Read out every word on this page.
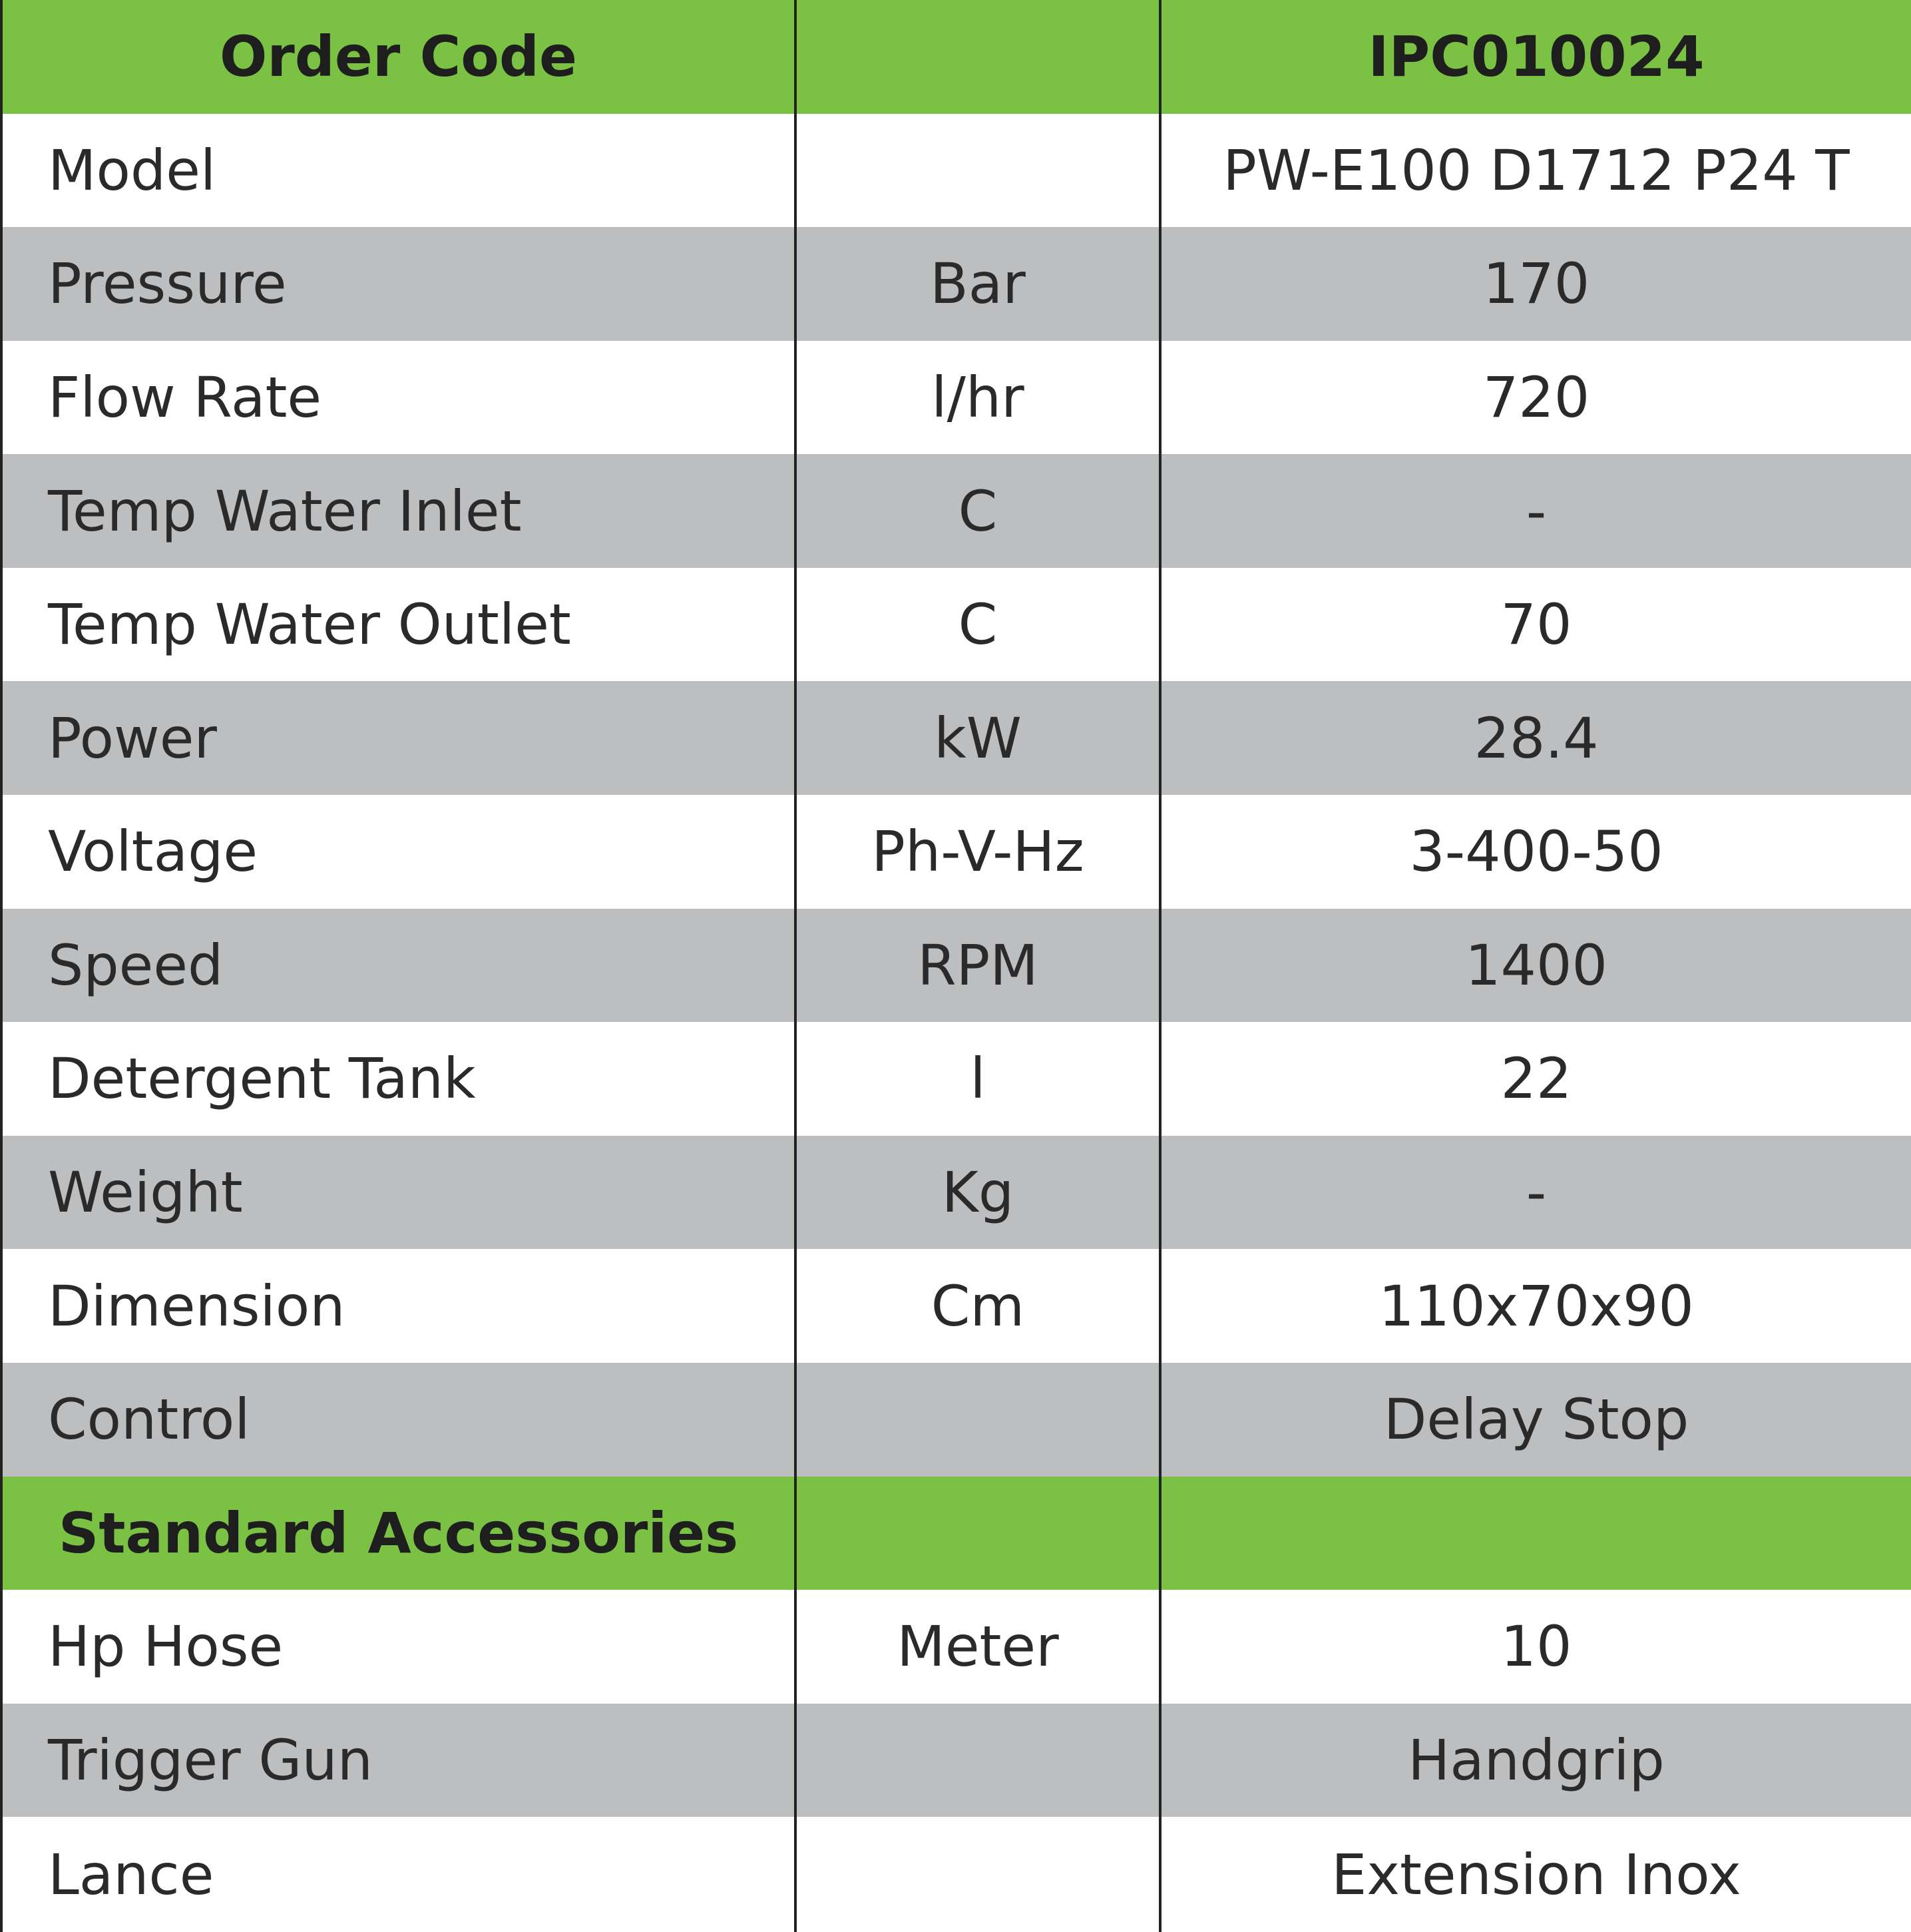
Order Code		IPC010024
Model		PW-E100 D1712 P24 T
Pressure	Bar	170
Flow Rate	l/hr	720
Temp Water Inlet	C	-
Temp Water Outlet	C	70
Power	kW	28.4
Voltage	Ph-V-Hz	3-400-50
Speed	RPM	1400
Detergent Tank	l	22
Weight	Kg	-
Dimension	Cm	110x70x90
Control		Delay Stop
Standard Accessories		
Hp Hose	Meter	10
Trigger Gun		Handgrip
Lance		Extension Inox
